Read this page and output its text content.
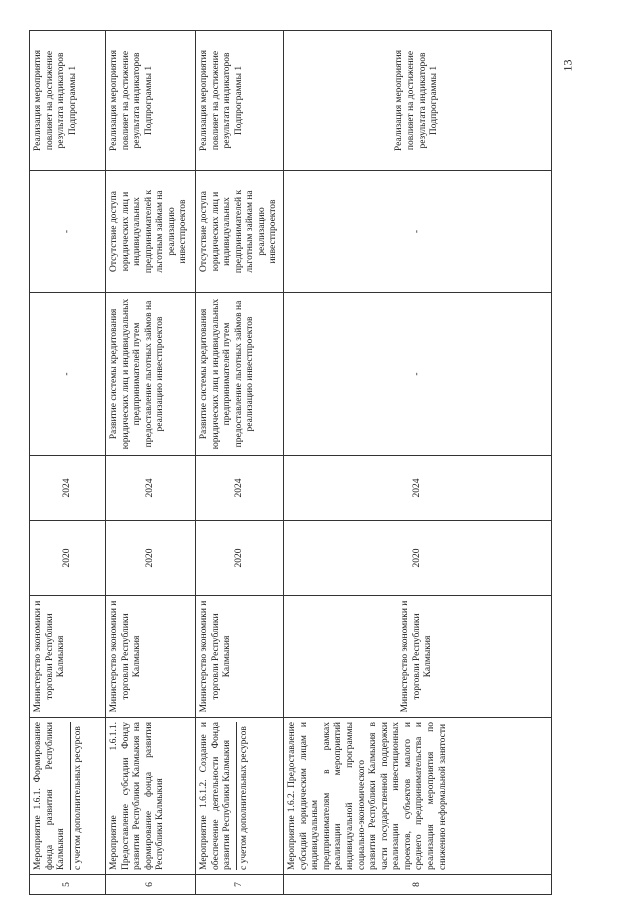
13
5	Мероприятие 1.6.1. Формирование фонда развития Республики Калмыкия с учетом дополнительных ресурсов	Министерство экономики и торговли Республики Калмыкия	2020	2024	-	-	Реализация мероприятия повлияет на достижение результата индикаторов Подпрограммы 1
6	Мероприятие 1.6.1.1. Предоставление субсидии Фонду развития Республики Калмыкия на формирование фонда развития Республики Калмыкия	Министерство экономики и торговли Республики Калмыкия	2020	2024	Развитие системы кредитования юридических лиц и индивидуальных предпринимателей путем предоставление льготных займов на реализацию инвестпроектов	Отсутствие доступа юридических лиц и индивидуальных предпринимателей к льготным займам на реализацию инвестпроектов	Реализация мероприятия повлияет на достижение результата индикаторов Подпрограммы 1
7	Мероприятие 1.6.1.2. Создание и обеспечение деятельности Фонда развития Республики Калмыкия с учетом дополнительных ресурсов	Министерство экономики и торговли Республики Калмыкия	2020	2024	Развитие системы кредитования юридических лиц и индивидуальных предпринимателей путем предоставление льготных займов на реализацию инвестпроектов	Отсутствие доступа юридических лиц и индивидуальных предпринимателей к льготным займам на реализацию инвестпроектов	Реализация мероприятия повлияет на достижение результата индикаторов Подпрограммы 1
8	Мероприятие 1.6.2. Предоставление субсидий юридическим лицам и индивидуальным предпринимателям в рамках реализации мероприятий индивидуальной программы социально-экономического развития Республики Калмыкия в части государственной поддержки реализации инвестиционных проектов, субъектов малого и среднего предпринимательства и реализация мероприятия по снижению неформальной занятости	Министерство экономики и торговли Республики Калмыкия	2020	2024	-	-	Реализация мероприятия повлияет на достижение результата индикаторов Подпрограммы 1
